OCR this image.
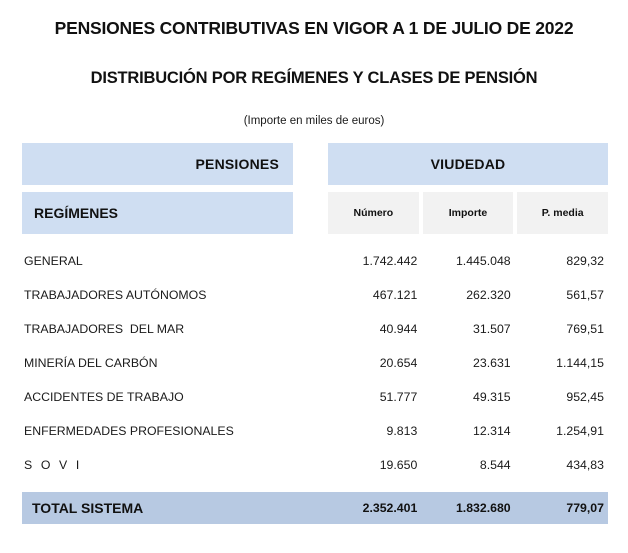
PENSIONES CONTRIBUTIVAS EN VIGOR A 1 DE JULIO DE 2022
DISTRIBUCIÓN POR REGÍMENES Y CLASES DE PENSIÓN
(Importe en miles de euros)
PENSIONES	VIUDEDAD
REGÍMENES	Número	Importe	P. media
GENERAL	1.742.442	1.445.048	829,32
TRABAJADORES AUTÓNOMOS	467.121	262.320	561,57
TRABAJADORES  DEL MAR	40.944	31.507	769,51
MINERÍA DEL CARBÓN	20.654	23.631	1.144,15
ACCIDENTES DE TRABAJO	51.777	49.315	952,45
ENFERMEDADES PROFESIONALES	9.813	12.314	1.254,91
S O V I	19.650	8.544	434,83
TOTAL SISTEMA	2.352.401	1.832.680	779,07
